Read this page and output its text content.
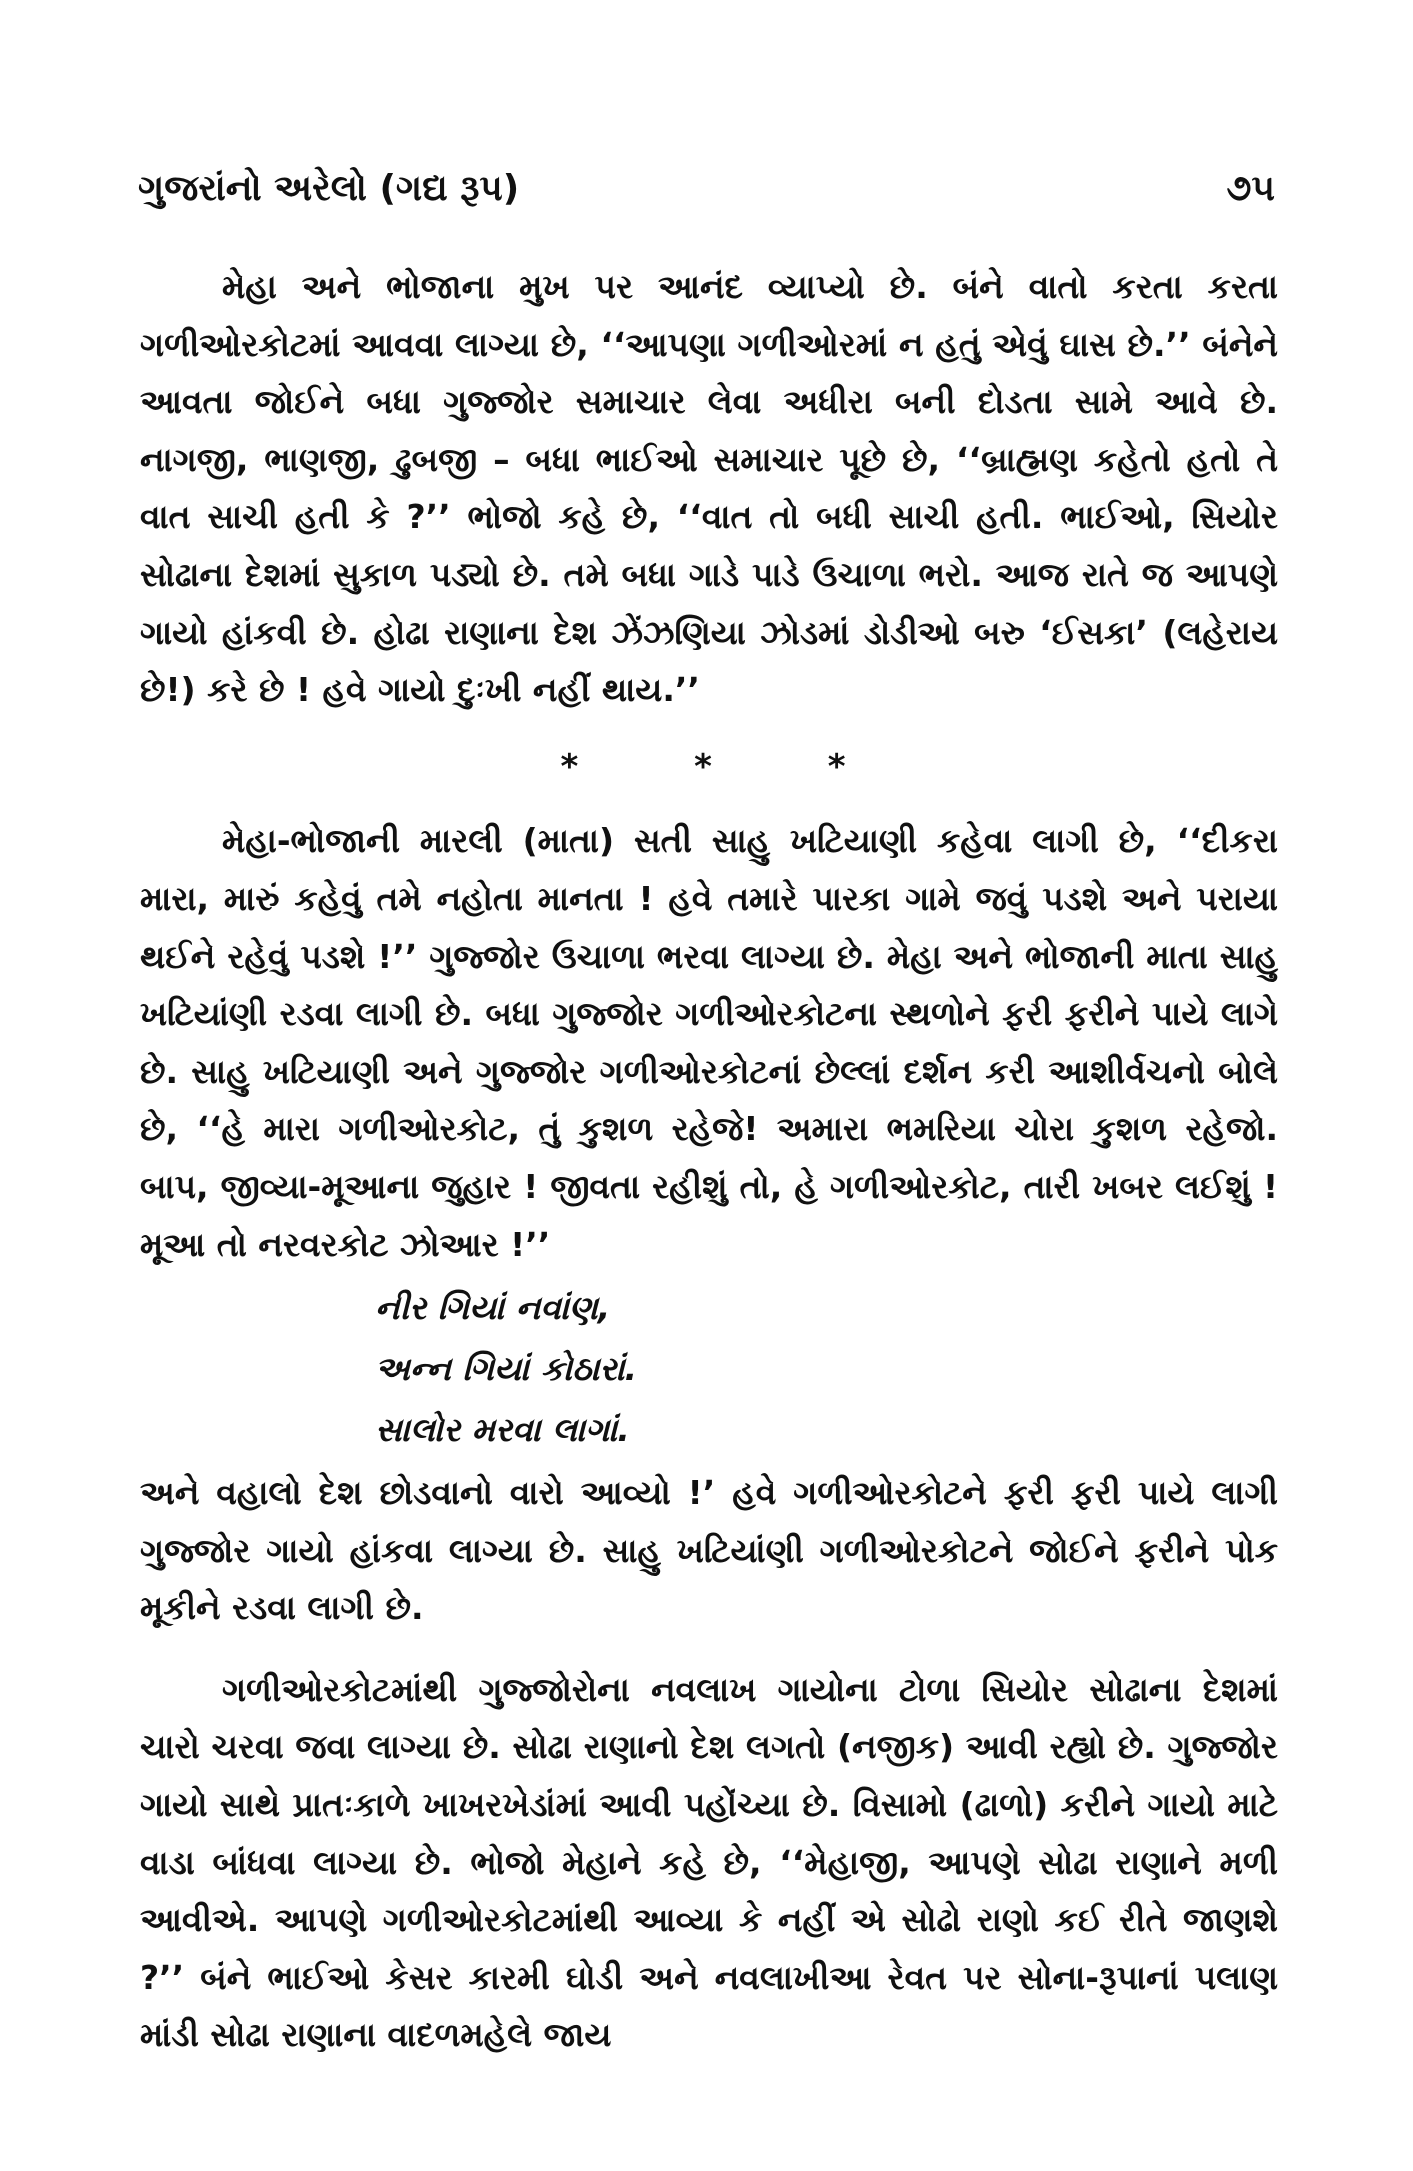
ગુજરાંનો અરેલો (ગદ્ય રૂપ)	૭૫

મેહા અને ભોજાના મુખ પર આનંદ વ્યાપ્યો છે. બંને વાતો કરતા કરતા ગળીઓરકોટમાં આવવા લાગ્યા છે, ‘‘આપણા ગળીઓરમાં ન હતું એવું ઘાસ છે.’’ બંનેને આવતા જોઈને બધા ગુજ્જોર સમાચાર લેવા અધીરા બની દોડતા સામે આવે છે. નાગજી, ભાણજી, ઢુબજી – બધા ભાઈઓ સમાચાર પૂછે છે, ‘‘બ્રાહ્મણ કહેતો હતો તે વાત સાચી હતી કે ?’’ ભોજો કહે છે, ‘‘વાત તો બધી સાચી હતી. ભાઈઓ, સિયોર સોઢાના દેશમાં સુકાળ પડ્યો છે. તમે બધા ગાડે પાડે ઉચાળા ભરો. આજ રાતે જ આપણે ગાયો હાંકવી છે. હોઢા રાણાના દેશ ઝેંઝણિયા ઝોડમાં ડોડીઓ બરુ ‘ઈસકા’ (લહેરાય છે!) કરે છે ! હવે ગાયો દુઃખી નહીં થાય.’’

* * *

મેહા-ભોજાની મારલી (માતા) સતી સાહુ ખટિયાણી કહેવા લાગી છે, ‘‘દીકરા મારા, મારું કહેવું તમે નહોતા માનતા ! હવે તમારે પારકા ગામે જવું પડશે અને પરાયા થઈને રહેવું પડશે !’’ ગુજ્જોર ઉચાળા ભરવા લાગ્યા છે. મેહા અને ભોજાની માતા સાહુ ખટિયાંણી રડવા લાગી છે. બધા ગુજ્જોર ગળીઓરકોટના સ્થળોને ફરી ફરીને પાયે લાગે છે. સાહુ ખટિયાણી અને ગુજ્જોર ગળીઓરકોટનાં છેલ્લાં દર્શન કરી આશીર્વચનો બોલે છે, ‘‘હે મારા ગળીઓરકોટ, તું કુશળ રહેજે! અમારા ભમરિયા ચોરા કુશળ રહેજો. બાપ, જીવ્યા-મૂઆના જુહાર ! જીવતા રહીશું તો, હે ગળીઓરકોટ, તારી ખબર લઈશું ! મૂઆ તો નરવરકોટ ઝોઆર !’’

નીર ગિયાં નવાંણ,
અન્ન ગિયાં કોઠારાં.
સાલોર મરવા લાગાં.

અને વહાલો દેશ છોડવાનો વારો આવ્યો !’ હવે ગળીઓરકોટને ફરી ફરી પાયે લાગી ગુજ્જોર ગાયો હાંકવા લાગ્યા છે. સાહુ ખટિયાંણી ગળીઓરકોટને જોઈને ફરીને પોક મૂકીને રડવા લાગી છે.

ગળીઓરકોટમાંથી ગુજ્જોરોના નવલાખ ગાયોના ટોળા સિયોર સોઢાના દેશમાં ચારો ચરવા જવા લાગ્યા છે. સોઢા રાણાનો દેશ લગતો (નજીક) આવી રહ્યો છે. ગુજ્જોર ગાયો સાથે પ્રાતઃકાળે ખાખરખેડાંમાં આવી પહોંચ્યા છે. વિસામો (ઢાળો) કરીને ગાયો માટે વાડા બાંધવા લાગ્યા છે. ભોજો મેહાને કહે છે, ‘‘મેહાજી, આપણે સોઢા રાણાને મળી આવીએ. આપણે ગળીઓરકોટમાંથી આવ્યા કે નહીં એ સોઢો રાણો કઈ રીતે જાણશે ?’’ બંને ભાઈઓ કેસર કારમી ઘોડી અને નવલાખીઆ રેવત પર સોના-રૂપાનાં પલાણ માંડી સોઢા રાણાના વાદળમહેલે જાય
